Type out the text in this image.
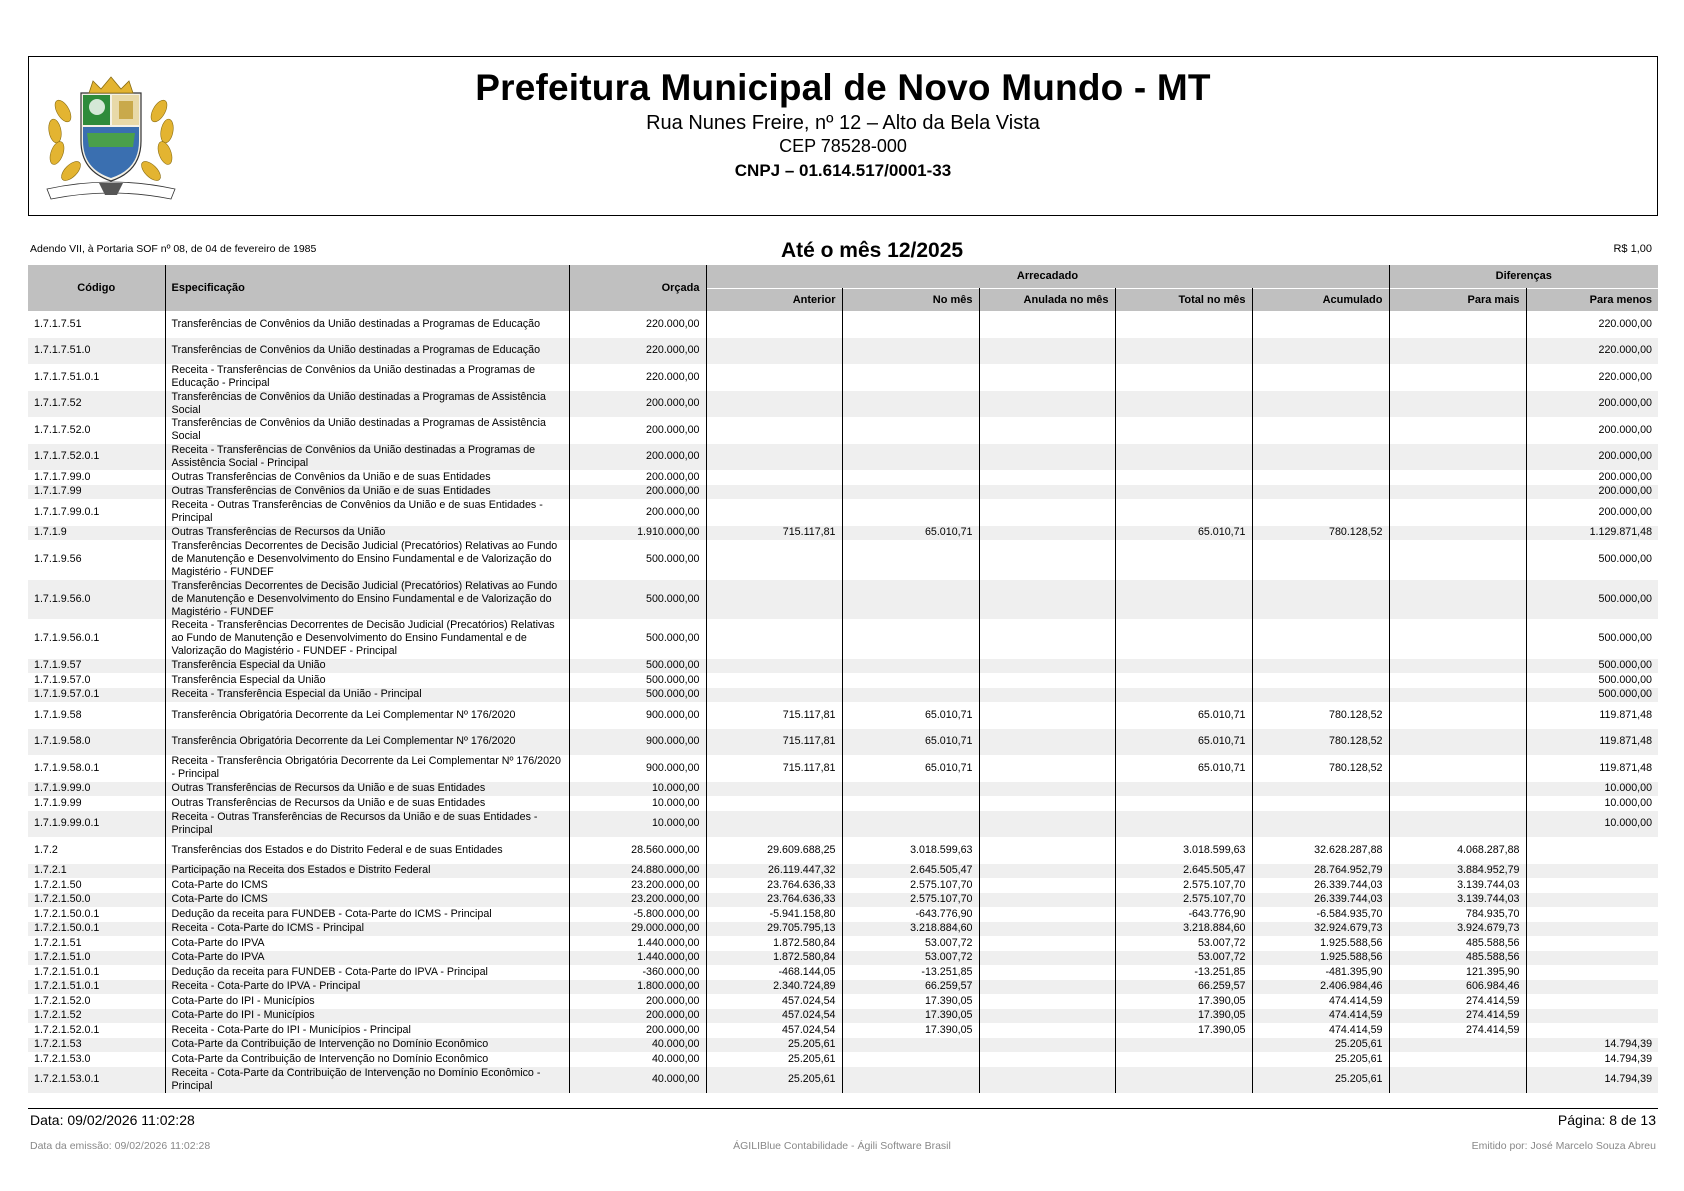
Prefeitura Municipal de Novo Mundo - MT
Rua Nunes Freire, nº 12 – Alto da Bela Vista
CEP 78528-000
CNPJ – 01.614.517/0001-33
Adendo VII, à Portaria SOF nº 08, de 04 de fevereiro de 1985	Até o mês 12/2025	R$ 1,00
Código	Especificação	Orçada	Arrecadado					Diferenças	
			Anterior	No mês	Anulada no mês	Total no mês	Acumulado	Para mais	Para menos
1.7.1.7.51	Transferências de Convênios da União destinadas a Programas de Educação	220.000,00							220.000,00
1.7.1.7.51.0	Transferências de Convênios da União destinadas a Programas de Educação	220.000,00							220.000,00
1.7.1.7.51.0.1	Receita - Transferências de Convênios da União destinadas a Programas de Educação - Principal	220.000,00							220.000,00
1.7.1.7.52	Transferências de Convênios da União destinadas a Programas de Assistência Social	200.000,00							200.000,00
1.7.1.7.52.0	Transferências de Convênios da União destinadas a Programas de Assistência Social	200.000,00							200.000,00
1.7.1.7.52.0.1	Receita - Transferências de Convênios da União destinadas a Programas de Assistência Social - Principal	200.000,00							200.000,00
1.7.1.7.99.0	Outras Transferências de Convênios da União e de suas Entidades	200.000,00							200.000,00
1.7.1.7.99	Outras Transferências de Convênios da União e de suas Entidades	200.000,00							200.000,00
1.7.1.7.99.0.1	Receita - Outras Transferências de Convênios da União e de suas Entidades - Principal	200.000,00							200.000,00
1.7.1.9	Outras Transferências de Recursos da União	1.910.000,00	715.117,81	65.010,71		65.010,71	780.128,52		1.129.871,48
1.7.1.9.56	Transferências Decorrentes de Decisão Judicial (Precatórios) Relativas ao Fundo de Manutenção e Desenvolvimento do Ensino Fundamental e de Valorização do Magistério - FUNDEF	500.000,00							500.000,00
1.7.1.9.56.0	Transferências Decorrentes de Decisão Judicial (Precatórios) Relativas ao Fundo de Manutenção e Desenvolvimento do Ensino Fundamental e de Valorização do Magistério - FUNDEF	500.000,00							500.000,00
1.7.1.9.56.0.1	Receita - Transferências Decorrentes de Decisão Judicial (Precatórios) Relativas ao Fundo de Manutenção e Desenvolvimento do Ensino Fundamental e de Valorização do Magistério - FUNDEF - Principal	500.000,00							500.000,00
1.7.1.9.57	Transferência Especial da União	500.000,00							500.000,00
1.7.1.9.57.0	Transferência Especial da União	500.000,00							500.000,00
1.7.1.9.57.0.1	Receita - Transferência Especial da União - Principal	500.000,00							500.000,00
1.7.1.9.58	Transferência Obrigatória Decorrente da Lei Complementar Nº 176/2020	900.000,00	715.117,81	65.010,71		65.010,71	780.128,52		119.871,48
1.7.1.9.58.0	Transferência Obrigatória Decorrente da Lei Complementar Nº 176/2020	900.000,00	715.117,81	65.010,71		65.010,71	780.128,52		119.871,48
1.7.1.9.58.0.1	Receita - Transferência Obrigatória Decorrente da Lei Complementar Nº 176/2020 - Principal	900.000,00	715.117,81	65.010,71		65.010,71	780.128,52		119.871,48
1.7.1.9.99.0	Outras Transferências de Recursos da União e de suas Entidades	10.000,00							10.000,00
1.7.1.9.99	Outras Transferências de Recursos da União e de suas Entidades	10.000,00							10.000,00
1.7.1.9.99.0.1	Receita - Outras Transferências de Recursos da União e de suas Entidades - Principal	10.000,00							10.000,00
1.7.2	Transferências dos Estados e do Distrito Federal e de suas Entidades	28.560.000,00	29.609.688,25	3.018.599,63		3.018.599,63	32.628.287,88	4.068.287,88	
1.7.2.1	Participação na Receita dos Estados e Distrito Federal	24.880.000,00	26.119.447,32	2.645.505,47		2.645.505,47	28.764.952,79	3.884.952,79	
1.7.2.1.50	Cota-Parte do ICMS	23.200.000,00	23.764.636,33	2.575.107,70		2.575.107,70	26.339.744,03	3.139.744,03	
1.7.2.1.50.0	Cota-Parte do ICMS	23.200.000,00	23.764.636,33	2.575.107,70		2.575.107,70	26.339.744,03	3.139.744,03	
1.7.2.1.50.0.1	Dedução da receita para FUNDEB - Cota-Parte do ICMS - Principal	-5.800.000,00	-5.941.158,80	-643.776,90		-643.776,90	-6.584.935,70	784.935,70	
1.7.2.1.50.0.1	Receita - Cota-Parte do ICMS - Principal	29.000.000,00	29.705.795,13	3.218.884,60		3.218.884,60	32.924.679,73	3.924.679,73	
1.7.2.1.51	Cota-Parte do IPVA	1.440.000,00	1.872.580,84	53.007,72		53.007,72	1.925.588,56	485.588,56	
1.7.2.1.51.0	Cota-Parte do IPVA	1.440.000,00	1.872.580,84	53.007,72		53.007,72	1.925.588,56	485.588,56	
1.7.2.1.51.0.1	Dedução da receita para FUNDEB - Cota-Parte do IPVA - Principal	-360.000,00	-468.144,05	-13.251,85		-13.251,85	-481.395,90	121.395,90	
1.7.2.1.51.0.1	Receita - Cota-Parte do IPVA - Principal	1.800.000,00	2.340.724,89	66.259,57		66.259,57	2.406.984,46	606.984,46	
1.7.2.1.52.0	Cota-Parte do IPI - Municípios	200.000,00	457.024,54	17.390,05		17.390,05	474.414,59	274.414,59	
1.7.2.1.52	Cota-Parte do IPI - Municípios	200.000,00	457.024,54	17.390,05		17.390,05	474.414,59	274.414,59	
1.7.2.1.52.0.1	Receita - Cota-Parte do IPI - Municípios - Principal	200.000,00	457.024,54	17.390,05		17.390,05	474.414,59	274.414,59	
1.7.2.1.53	Cota-Parte da Contribuição de Intervenção no Domínio Econômico	40.000,00	25.205,61				25.205,61		14.794,39
1.7.2.1.53.0	Cota-Parte da Contribuição de Intervenção no Domínio Econômico	40.000,00	25.205,61				25.205,61		14.794,39
1.7.2.1.53.0.1	Receita - Cota-Parte da Contribuição de Intervenção no Domínio Econômico - Principal	40.000,00	25.205,61				25.205,61		14.794,39
Data: 09/02/2026 11:02:28	Página: 8 de 13
Data da emissão: 09/02/2026 11:02:28	ÁGILIBlue Contabilidade - Ágili Software Brasil	Emitido por: José Marcelo Souza Abreu
